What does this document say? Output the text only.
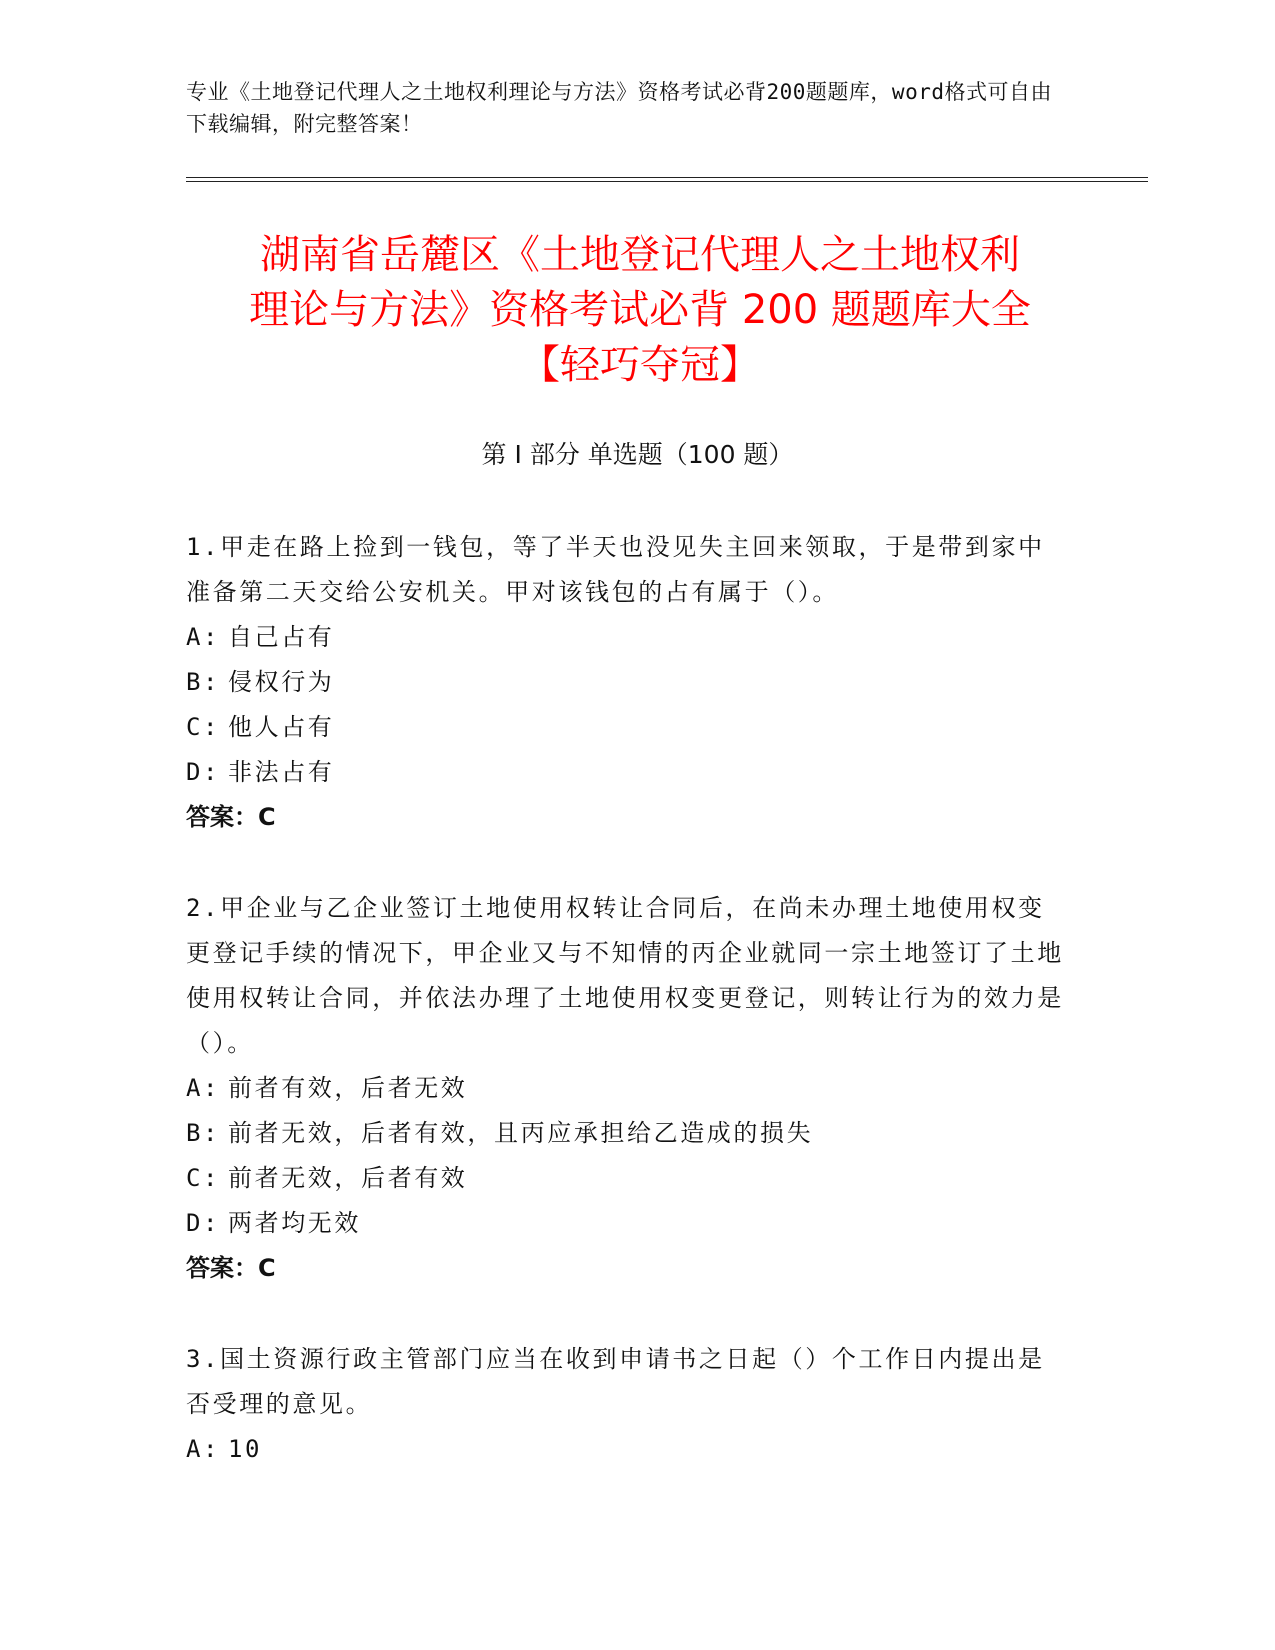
专业《土地登记代理人之土地权利理论与方法》资格考试必背200题题库，word格式可自由下载编辑，附完整答案！
湖南省岳麓区《土地登记代理人之土地权利
理论与方法》资格考试必背 200 题题库大全
【轻巧夺冠】
第 I 部分 单选题（100 题）
1.甲走在路上捡到一钱包，等了半天也没见失主回来领取，于是带到家中准备第二天交给公安机关。甲对该钱包的占有属于（）。
A: 自己占有
B: 侵权行为
C: 他人占有
D: 非法占有
答案：C
2.甲企业与乙企业签订土地使用权转让合同后，在尚未办理土地使用权变更登记手续的情况下，甲企业又与不知情的丙企业就同一宗土地签订了土地使用权转让合同，并依法办理了土地使用权变更登记，则转让行为的效力是（）。
A: 前者有效，后者无效
B: 前者无效，后者有效，且丙应承担给乙造成的损失
C: 前者无效，后者有效
D: 两者均无效
答案：C
3.国土资源行政主管部门应当在收到申请书之日起（）个工作日内提出是否受理的意见。
A: 10
